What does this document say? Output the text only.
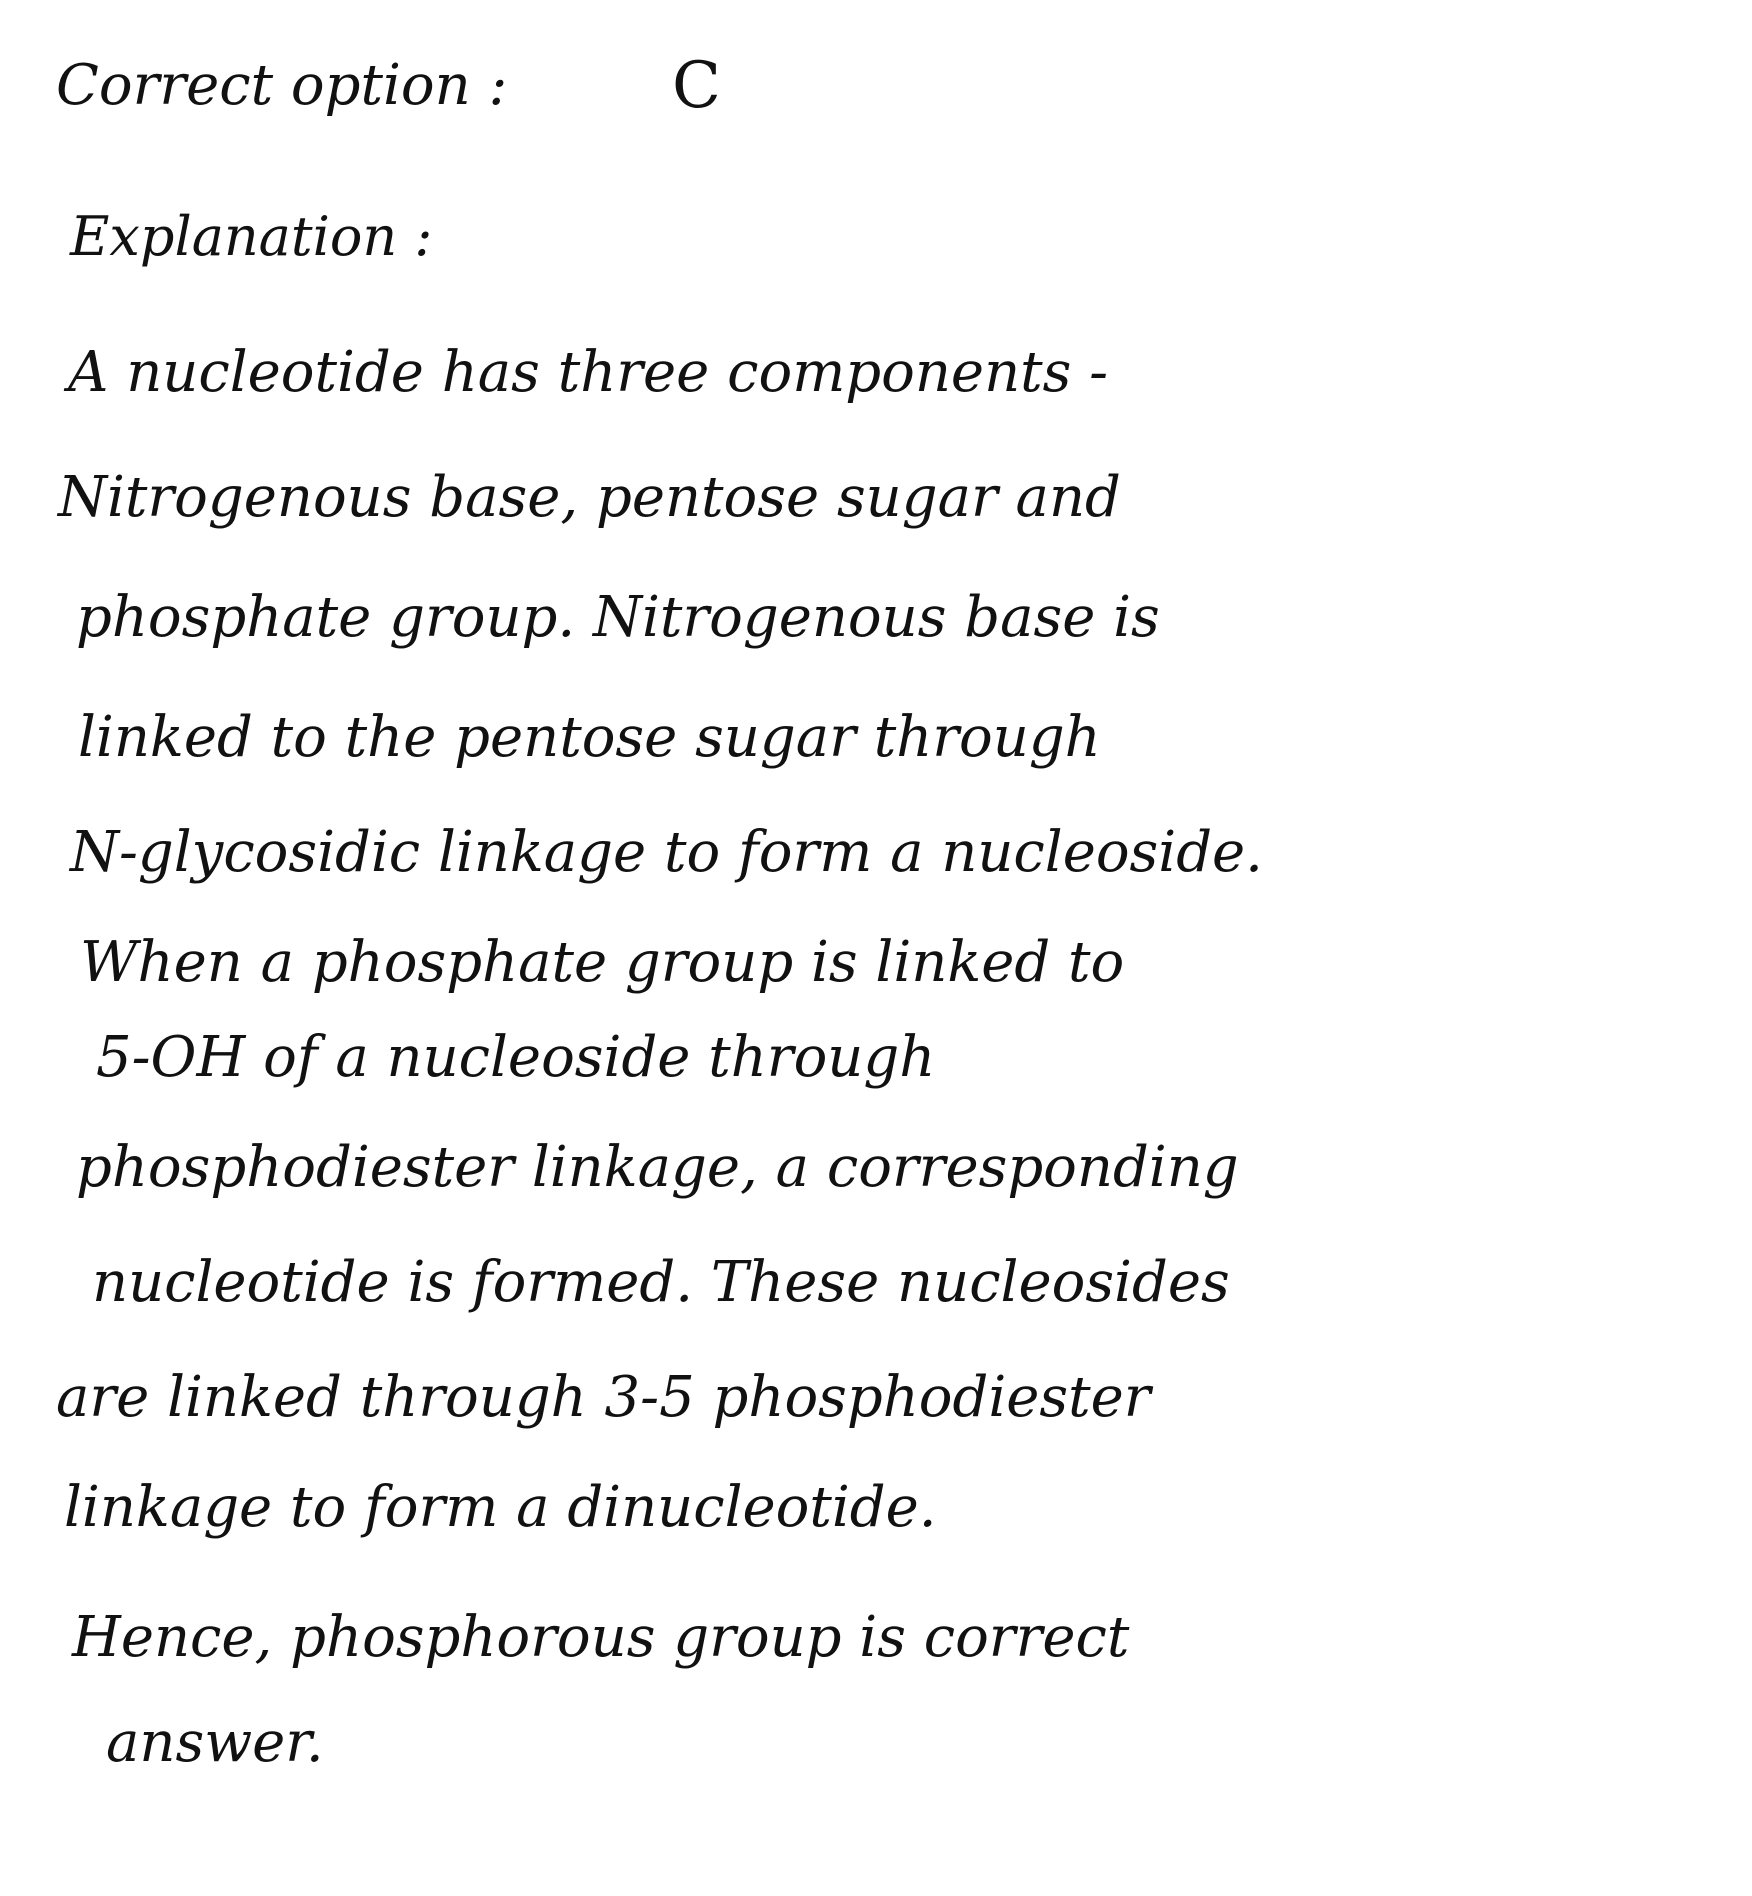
Correct option :	C

Explanation :

A nucleotide has three components -

Nitrogenous base, pentose sugar and

phosphate group. Nitrogenous base is

linked to the pentose sugar through

N-glycosidic linkage to form a nucleoside.

When a phosphate group is linked to

5-OH of a nucleoside through

phosphodiester linkage, a corresponding

nucleotide is formed. These nucleosides

are linked through 3-5 phosphodiester

linkage to form a dinucleotide.

Hence, phosphorous group is correct

answer.
